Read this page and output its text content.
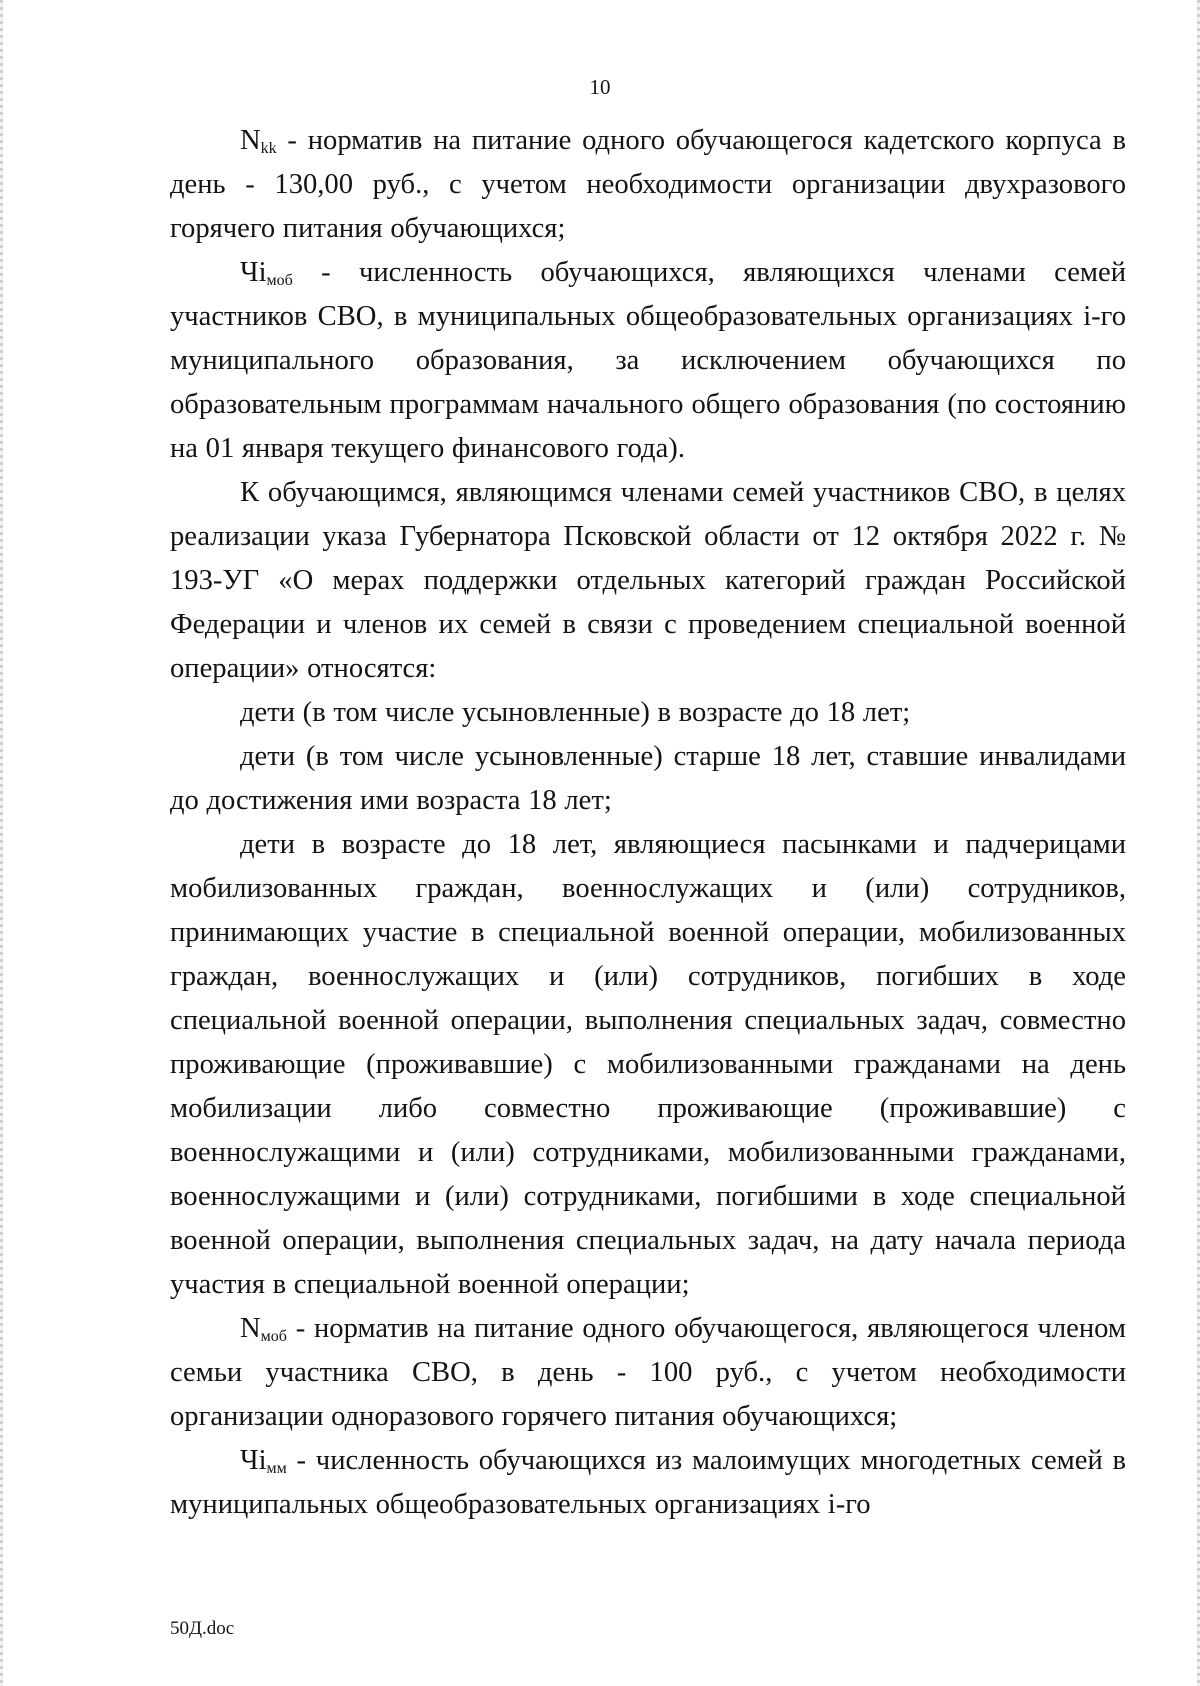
10

$N_{kk}$ - норматив на питание одного обучающегося кадетского корпуса в день - 130,00 руб., с учетом необходимости организации двухразового горячего питания обучающихся;

$Чi_{моб}$ - численность обучающихся, являющихся членами семей участников СВО, в муниципальных общеобразовательных организациях i-го муниципального образования, за исключением обучающихся по образовательным программам начального общего образования (по состоянию на 01 января текущего финансового года).

К обучающимся, являющимся членами семей участников СВО, в целях реализации указа Губернатора Псковской области от 12 октября 2022 г. № 193-УГ «О мерах поддержки отдельных категорий граждан Российской Федерации и членов их семей в связи с проведением специальной военной операции» относятся:

дети (в том числе усыновленные) в возрасте до 18 лет;

дети (в том числе усыновленные) старше 18 лет, ставшие инвалидами до достижения ими возраста 18 лет;

дети в возрасте до 18 лет, являющиеся пасынками и падчерицами мобилизованных граждан, военнослужащих и (или) сотрудников, принимающих участие в специальной военной операции, мобилизованных граждан, военнослужащих и (или) сотрудников, погибших в ходе специальной военной операции, выполнения специальных задач, совместно проживающие (проживавшие) с мобилизованными гражданами на день мобилизации либо совместно проживающие (проживавшие) с военнослужащими и (или) сотрудниками, мобилизованными гражданами, военнослужащими и (или) сотрудниками, погибшими в ходе специальной военной операции, выполнения специальных задач, на дату начала периода участия в специальной военной операции;

$N_{моб}$ - норматив на питание одного обучающегося, являющегося членом семьи участника СВО, в день - 100 руб., с учетом необходимости организации одноразового горячего питания обучающихся;

$Чi_{мм}$ - численность обучающихся из малоимущих многодетных семей в муниципальных общеобразовательных организациях i-го

50Д.doc
